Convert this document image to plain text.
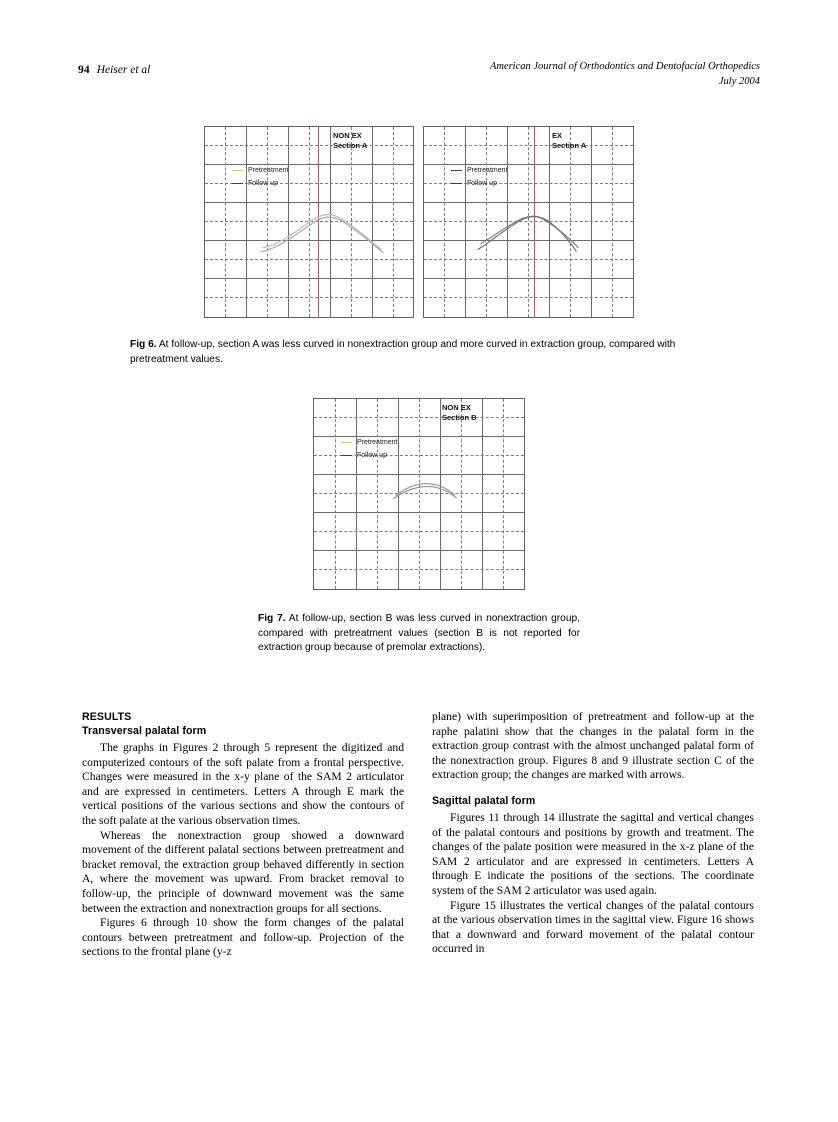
94 Heiser et al	American Journal of Orthodontics and Dentofacial Orthopedics
July 2004
NON EX
Section A
Pretreatment
Follow up
EX
Section A
Pretreatment
Follow up
Fig 6. At follow-up, section A was less curved in nonextraction group and more curved in extraction group, compared with pretreatment values.
NON EX
Section B
Pretreatment
Follow up
Fig 7. At follow-up, section B was less curved in nonextraction group, compared with pretreatment values (section B is not reported for extraction group because of premolar extractions).
RESULTS
Transversal palatal form

The graphs in Figures 2 through 5 represent the digitized and computerized contours of the soft palate from a frontal perspective. Changes were measured in the x-y plane of the SAM 2 articulator and are expressed in centimeters. Letters A through E mark the vertical positions of the various sections and show the contours of the soft palate at the various observation times.

Whereas the nonextraction group showed a downward movement of the different palatal sections between pretreatment and bracket removal, the extraction group behaved differently in section A, where the movement was upward. From bracket removal to follow-up, the principle of downward movement was the same between the extraction and nonextraction groups for all sections.

Figures 6 through 10 show the form changes of the palatal contours between pretreatment and follow-up. Projection of the sections to the frontal plane (y-z

plane) with superimposition of pretreatment and follow-up at the raphe palatini show that the changes in the palatal form in the extraction group contrast with the almost unchanged palatal form of the nonextraction group. Figures 8 and 9 illustrate section C of the extraction group; the changes are marked with arrows.

Sagittal palatal form

Figures 11 through 14 illustrate the sagittal and vertical changes of the palatal contours and positions by growth and treatment. The changes of the palate position were measured in the x-z plane of the SAM 2 articulator and are expressed in centimeters. Letters A through E indicate the positions of the sections. The coordinate system of the SAM 2 articulator was used again.

Figure 15 illustrates the vertical changes of the palatal contours at the various observation times in the sagittal view. Figure 16 shows that a downward and forward movement of the palatal contour occurred in
